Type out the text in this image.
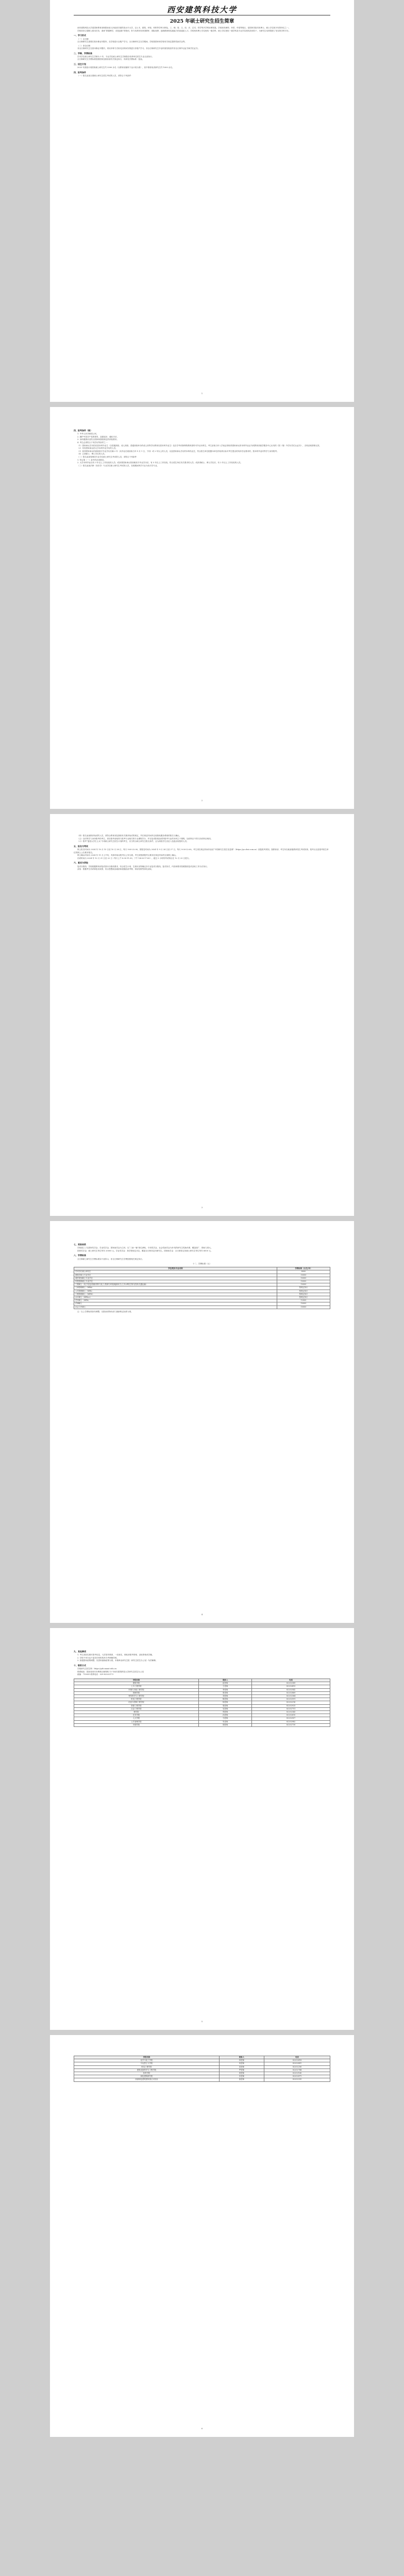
西安建筑科技大学
2025 年硕士研究生招生简章

西安建筑科技大学是国家教育部和陕西省人民政府共建的高水平大学，以土木、建筑、环境、材料等学科为特色，工、理、管、文、经、法、艺术、哲学等多学科协调发展。学校现有雁塔、草堂、华清等校区，是国家首批具有博士、硕士学位授予权的单位之一。

学校坚持立德树人根本任务，秉承“厚德博学，求是创新”的校训，努力培养具有家国情怀、国际视野、创新精神和实践能力的高素质人才。学校现有博士学位授权一级学科、硕士学位授权一级学科及专业学位授权类别若干，为研究生培养提供了坚实的学科平台。

一、学习形式

（一）全日制

全日制研究生需要在基本修业年限内，在学校进行全脱产学习。全日制研究生在学期间，学校按国家和学校有关规定提供奖助学金等。

（二）非全日制

非全日制研究生在基本修业年限内，采用多种方式和灵活时间安排进行非脱产学习。非全日制研究生毕业时颁发相应的非全日制毕业证书和学位证书。

二、学制、学费标准

学术学位硕士研究生学制为 3 年，专业学位硕士研究生学制按各培养单位招生专业目录执行。

全日制研究生学费标准按照国家及陕西省有关规定执行，具体见学费标准一览表。

三、招生计划

2025 年我校计划招收硕士研究生约 3300 余名（以教育部最终下达计划为准），其中推荐免试研究生约 1000 余名。

四、报考条件

（一）报名参加全国硕士研究生招生考试的人员，须符合下列条件：

1

四、报考条件（续）

1. 中华人民共和国公民。

2. 拥护中国共产党的领导，品德良好，遵纪守法。

3. 身体健康状况符合国家和我校规定的体检要求。

4. 考生必须符合下列学历等条件之一：

（1）国家承认学历的应届本科毕业生（含普通高校、成人高校、普通高校举办的成人高等学历教育应届本科毕业生）及自学考试和网络教育届时可毕业本科生。考生录取当年入学前必须取得国家承认的本科毕业证书或教育部留学服务中心出具的《国（境）外学历学位认证书》，否则录取资格无效。

（2）具有国家承认的大学本科毕业学历的人员。

（3）获得国家承认的高职高专毕业学历后满 2 年（从毕业后到录取当年 9 月 1 日，下同）或 2 年以上的人员，以及国家承认学历的本科结业生，符合招生单位根据本单位的培养目标对考生提出的具体学业要求的，按本科毕业同等学力身份报考。

（4）已获硕士、博士学位的人员。

（二）报名参加管理类专业学位硕士研究生考试的人员，须符合下列条件：

1. 符合第（一）条中的各项要求。

2. 大学本科毕业后有 3 年以上工作经验的人员；或获得国家承认的高职高专毕业学历后，有 5 年以上工作经验，符合招生单位有关要求的人员；或获得硕士、博士学位后，有 2 年以上工作经验的人员。

（三）报名参加法律（非法学）专业学位硕士研究生考试的人员，在校期间所学专业为非法学专业。

2

（四）报名参加推荐免试的人员，须符合教育部及我校有关推荐免试的规定，并在规定时间内完成推免服务系统的报名与确认。

（五）以同等学力身份报考的考生，须在报考前取得与报考专业相关的专业课程学分，并在复试阶段加试所报考专业的本科主干课程，加试科目不得与初试科目相同。

（六）报考“退役大学生士兵”专项硕士研究生招生计划的考生，应当符合硕士研究生报名条件，且为高校学生应征入伍退出现役的人员。

五、报名与考试

网上报名时间为 2024 年 10 月 15 日至 10 月 28 日，每天 9:00-22:00。预报名时间为 2024 年 9 月 24 日至 27 日，每天 9:00-22:00。考生须在规定时间内登录“中国研究生招生信息网”（https://yz.chsi.com.cn）浏览报考须知，按教育部、考生所在地省级教育招生考试机构、报考点以及报考招生单位的网上公告要求报名。

网上确认时间为 2024 年 11 月上中旬，具体时间以报考点公布为准。考生须按照报考点要求在规定时间内完成网上确认。

初试时间为 2024 年 12 月 21 日至 22 日（每天上午 8:30-11:30，下午 14:00-17:00）。超过 3 小时的考试科目在 12 月 23 日进行。

六、复试与录取

复试分数线：学校根据教育部复试基本分数线要求，结合招生计划、生源状况等确定各专业复试分数线。复试形式、内容和要求按照我校复试录取工作办法执行。

录取：根据考生初试和复试成绩，结合思想政治素质和道德品质考核、体检结果等择优录取。

3

七、奖助体系

学校建立了以国家奖学金、学业奖学金、国家助学金为主体，以“三助一辅”岗位津贴、专项奖学金、社会奖助学金为补充的研究生奖助体系，覆盖面广、资助力度大。

国家奖学金：硕士研究生每生每年 20000 元。学业奖学金：按学校规定评定，覆盖全日制非定向研究生。国家助学金：全日制非定向硕士研究生每生每年 6000 元。

八、学费标准

全日制硕士研究生学费标准如下表所示，非全日制研究生学费按照相关规定执行。

十二、学费标准（元）

学位类别/专业名称	学费标准（元/生/年）
学术学位硕士研究生	8000
建筑学硕士专业学位	10000
城乡规划硕士专业学位	10000
风景园林硕士专业学位	10000
工程硕士（电子信息/机械/材料与化工/资源与环境/能源动力/土木水利/生物与医药/交通运输）	10000
工商管理硕士（MBA）	按规定执行
公共管理硕士（MPA）	按规定执行
工程管理硕士（MEM）	按规定执行
会计硕士（MPAcc）	按规定执行
艺术硕士（MFA）	12000
法律硕士	10000
社会工作硕士	10000

注：以上学费标准如有调整，以陕西省物价部门最新核定标准为准。

4

九、其他事项

1. 考生须如实填写报考信息，凡弄虚作假者，一经查实，即取消报考资格、录取资格或学籍。

2. 学校不举办也不委托任何机构举办考研辅导班。

3. 如遇国家政策调整，以国家最新政策为准。本简章由研究生院（研究生招生办公室）负责解释。

十、联系方式

学校研究生招生网：https://yzb.xauat.edu.cn

联系地址：陕西省西安市碑林区雁塔路 13 号西安建筑科技大学研究生招生办公室

邮编：710055 联系电话：029-82202173

学院名称	联系人	电话
建筑学院	赵老师	82202389
土木工程学院	王老师	82202413
环境与市政工程学院	李老师	82202542
管理学院	张老师	82202869
材料科学与工程学院	刘老师	82202364
机电工程学院	陈老师	82202591
信息与控制工程学院	杨老师	82202216
资源工程学院	周老师	82202925
冶金工程学院	吴老师	82202751
理学院	郑老师	82202343
艺术学院	孙老师	82202610
人文学院	马老师	82202507
公共管理学院	朱老师	82202982
安德学院	胡老师	82202730
5
学院名称	联系人	电话
化学与化工学院	林老师	82202618
马克思主义学院	何老师	82202491
机电工程学院	高老师	82202256
建筑设备科学与工程学院	罗老师	82202744
体育学院	梁老师	82202166
绿色建筑研究院	宋老师	82202871
西部绿色建筑国家重点实验室	唐老师	82202335
6
